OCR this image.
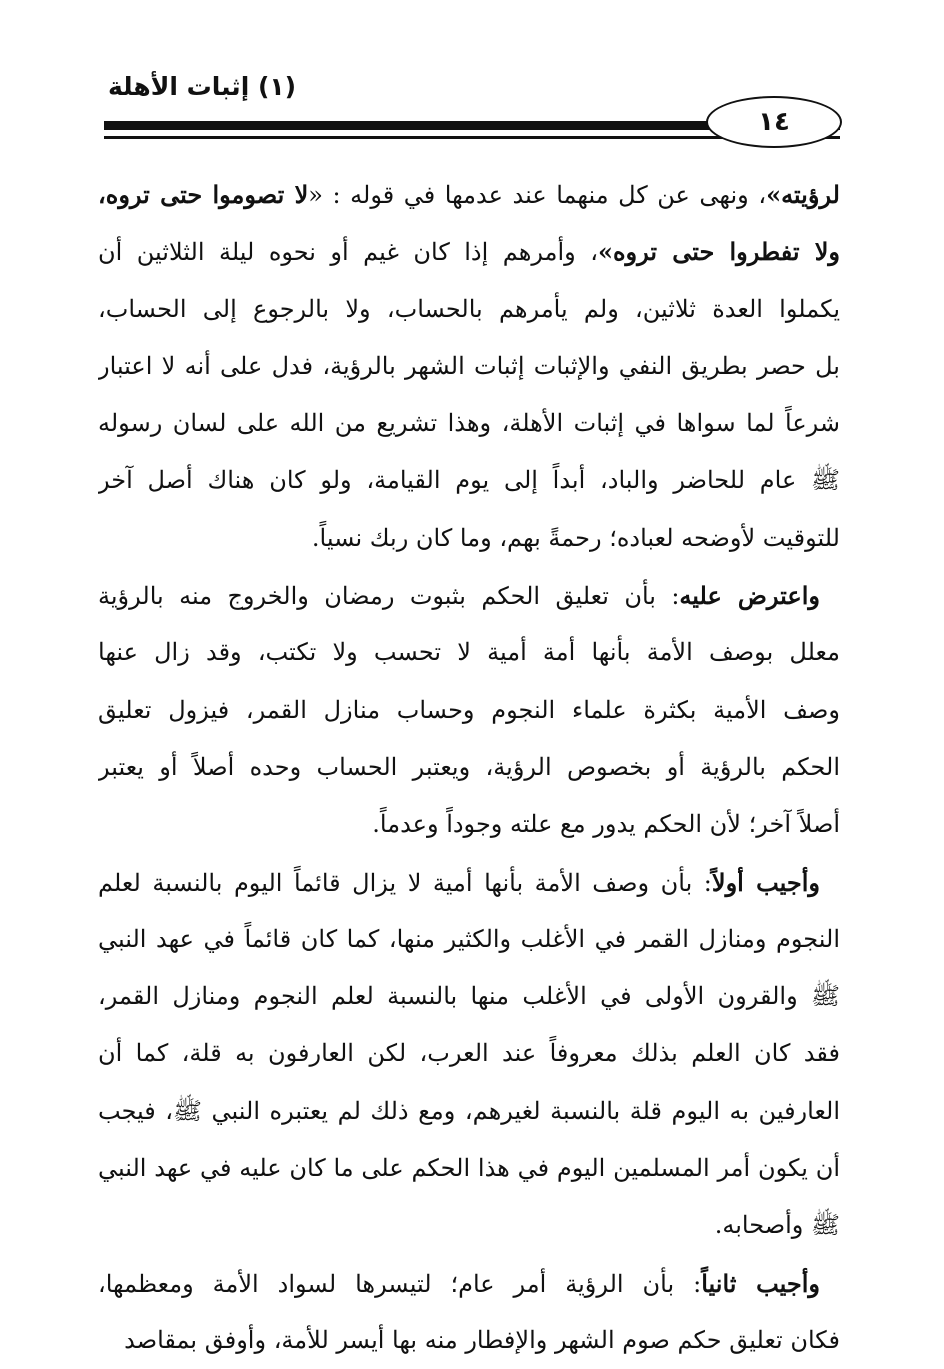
(١) إثبات الأهلة
١٤
لرؤيته»، ونهى عن كل منهما عند عدمها في قوله : «لا تصوموا حتى تروه،
ولا تفطروا حتى تروه»، وأمرهم إذا كان غيم أو نحوه ليلة الثلاثين أن
يكملوا العدة ثلاثين، ولم يأمرهم بالحساب، ولا بالرجوع إلى الحساب،
بل حصر بطريق النفي والإثبات إثبات الشهر بالرؤية، فدل على أنه لا اعتبار
شرعاً لما سواها في إثبات الأهلة، وهذا تشريع من الله على لسان رسوله
ﷺ عام للحاضر والباد، أبداً إلى يوم القيامة، ولو كان هناك أصل آخر
للتوقيت لأوضحه لعباده؛ رحمةً بهم، وما كان ربك نسياً.
واعترض عليه: بأن تعليق الحكم بثبوت رمضان والخروج منه بالرؤية
معلل بوصف الأمة بأنها أمة أمية لا تحسب ولا تكتب، وقد زال عنها
وصف الأمية بكثرة علماء النجوم وحساب منازل القمر، فيزول تعليق
الحكم بالرؤية أو بخصوص الرؤية، ويعتبر الحساب وحده أصلاً أو يعتبر
أصلاً آخر؛ لأن الحكم يدور مع علته وجوداً وعدماً.
وأجيب أولاً: بأن وصف الأمة بأنها أمية لا يزال قائماً اليوم بالنسبة لعلم
النجوم ومنازل القمر في الأغلب والكثير منها، كما كان قائماً في عهد النبي
ﷺ والقرون الأولى في الأغلب منها بالنسبة لعلم النجوم ومنازل القمر،
فقد كان العلم بذلك معروفاً عند العرب، لكن العارفون به قلة، كما أن
العارفين به اليوم قلة بالنسبة لغيرهم، ومع ذلك لم يعتبره النبي ﷺ، فيجب
أن يكون أمر المسلمين اليوم في هذا الحكم على ما كان عليه في عهد النبي
ﷺ وأصحابه.
وأجيب ثانياً: بأن الرؤية أمر عام؛ لتيسرها لسواد الأمة ومعظمها،
فكان تعليق حكم صوم الشهر والإفطار منه بها أيسر للأمة، وأوفق بمقاصد
